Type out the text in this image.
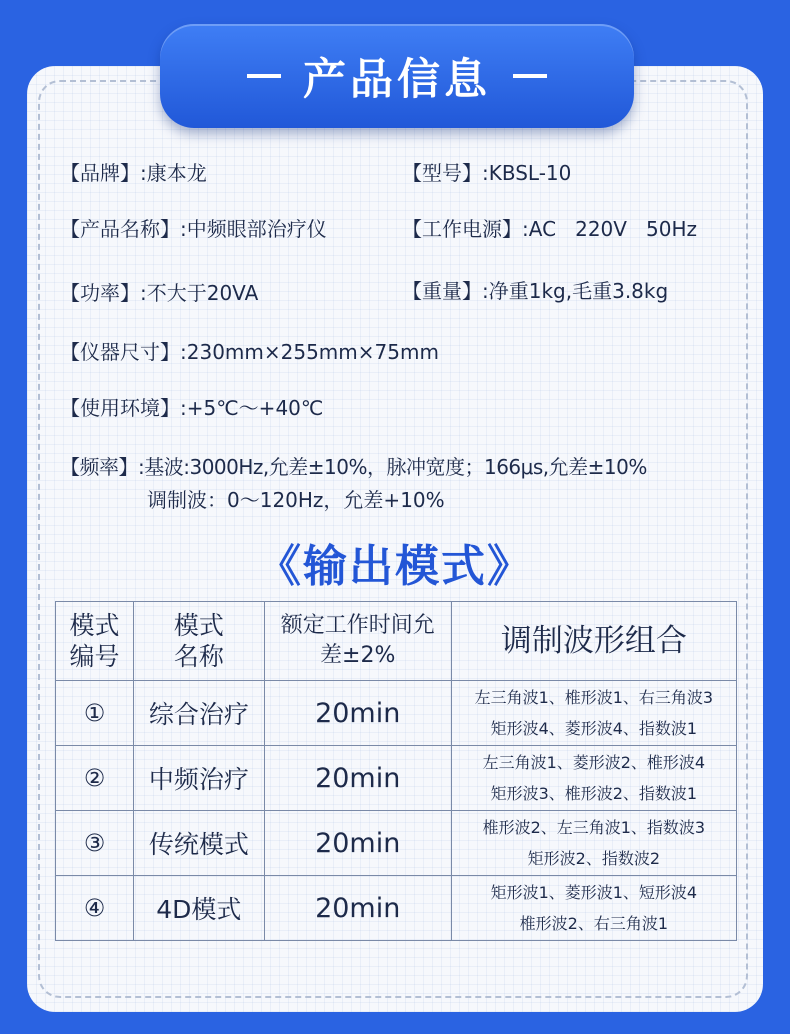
产品信息
【品牌】:康本龙	【型号】:KBSL-10
【产品名称】:中频眼部治疗仪	【工作电源】:AC   220V   50Hz
【功率】:不大于20VA	【重量】:净重1kg,毛重3.8kg
【仪器尺寸】:230mm×255mm×75mm
【使用环境】:+5℃～+40℃
【频率】:基波:3000Hz,允差±10%，脉冲宽度；166μs,允差±10%
调制波：0～120Hz，允差+10%
《输出模式》
模式编号	模式名称	额定工作时间允差±2%	调制波形组合
①	综合治疗	20min	左三角波1、椎形波1、右三角波3
矩形波4、菱形波4、指数波1

②	中频治疗	20min	左三角波1、菱形波2、椎形波4
矩形波3、椎形波2、指数波1

③	传统模式	20min	椎形波2、左三角波1、指数波3
矩形波2、指数波2

④	4D模式	20min	矩形波1、菱形波1、短形波4
椎形波2、右三角波1
